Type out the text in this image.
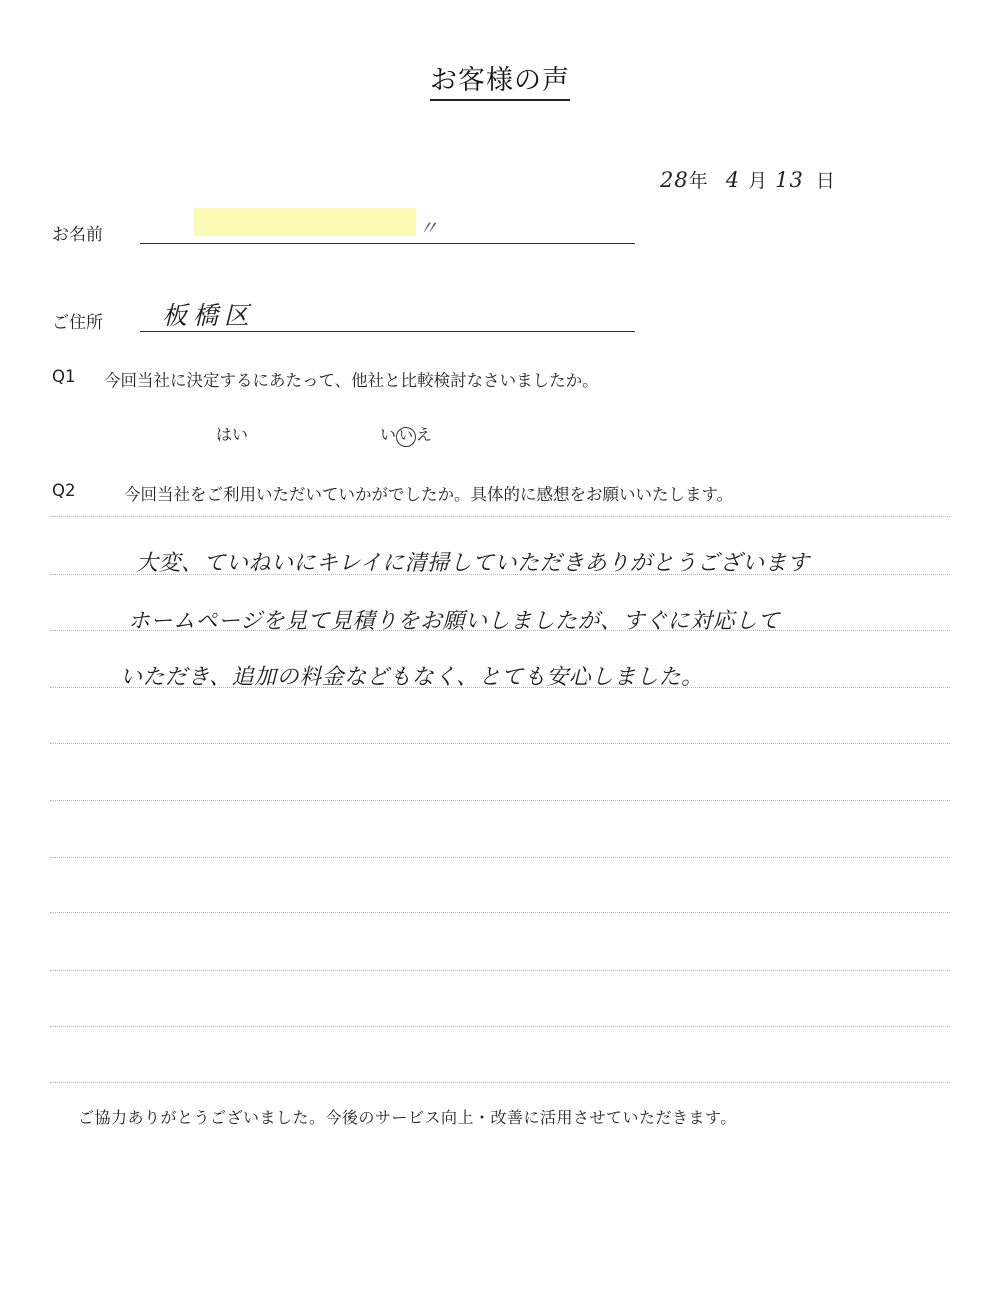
お客様の声
28年 4 月 13 日
お名前	〃
ご住所 板橋区
Q1 今回当社に決定するにあたって、他社と比較検討なさいましたか。
はい	い い え
Q2	今回当社をご利用いただいていかがでしたか。具体的に感想をお願いいたします。
大変、ていねいにキレイに清掃していただきありがとうございます
ホームページを見て見積りをお願いしましたが、すぐに対応して
いただき、追加の料金などもなく、とても安心しました。
ご協力ありがとうございました。今後のサービス向上・改善に活用させていただきます。
